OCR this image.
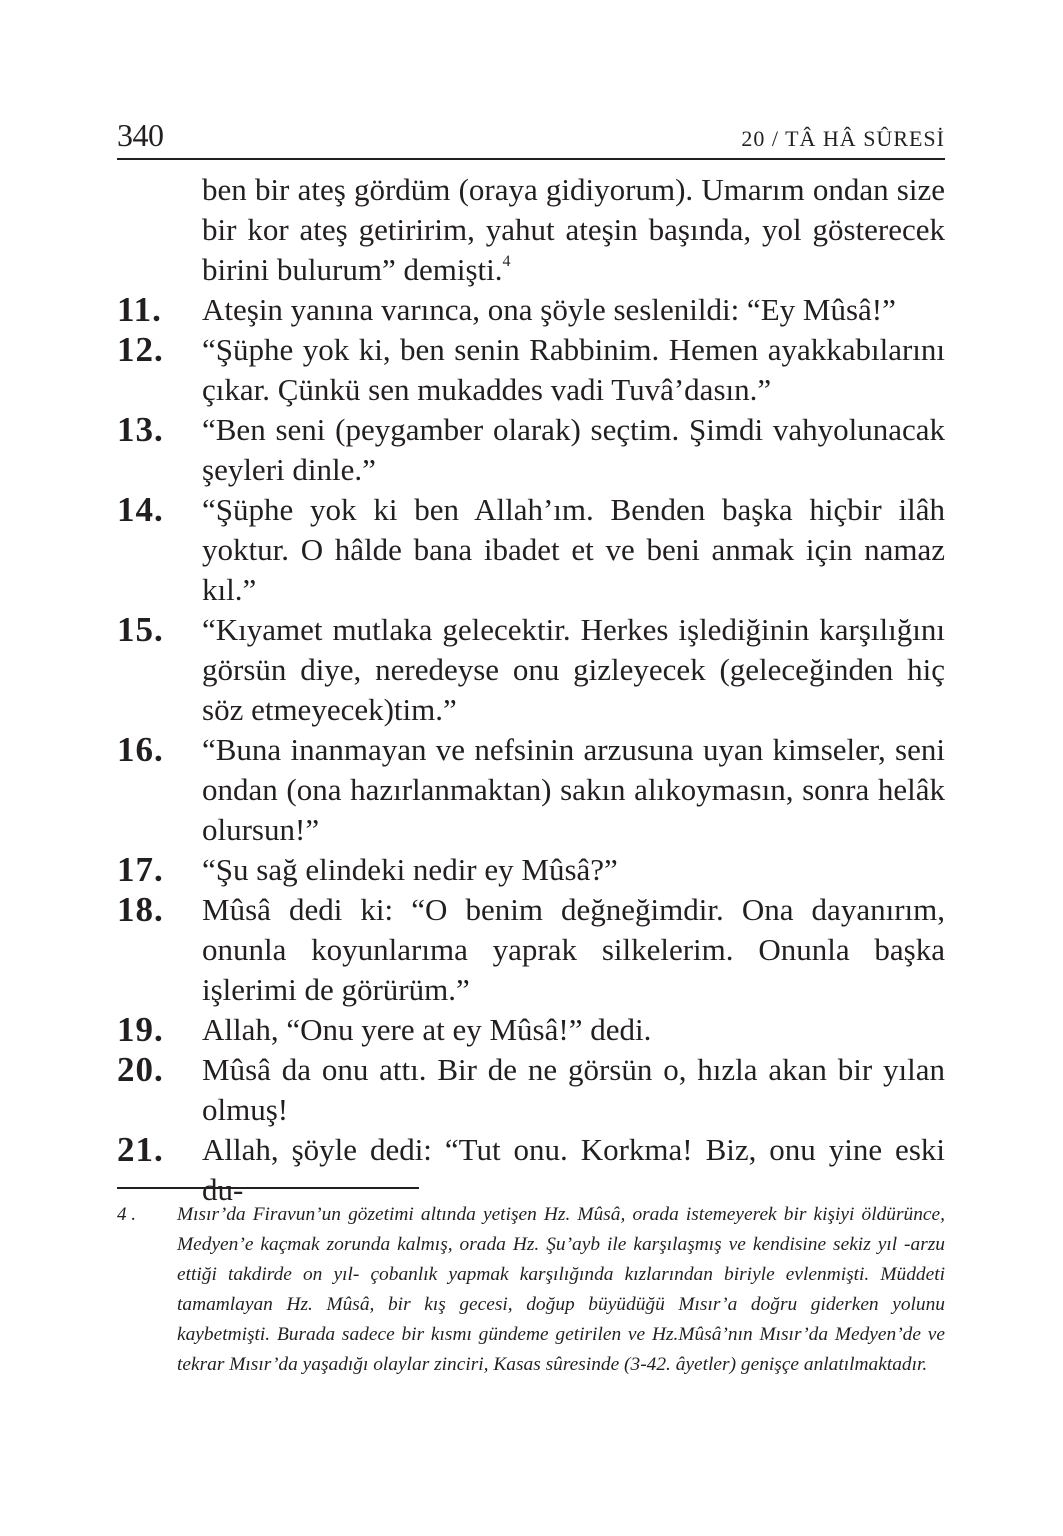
340	20 / TÂ HÂ SÛRESİ
ben bir ateş gördüm (oraya gidiyorum). Umarım ondan size bir kor ateş getiririm, yahut ateşin başında, yol gösterecek birini bulurum” demişti.$^4$
11.	Ateşin yanına varınca, ona şöyle seslenildi: “Ey Mûsâ!”
12.	“Şüphe yok ki, ben senin Rabbinim. Hemen ayakkabılarını çıkar. Çünkü sen mukaddes vadi Tuvâ’dasın.”
13.	“Ben seni (peygamber olarak) seçtim. Şimdi vahyolunacak şeyleri dinle.”
14.	“Şüphe yok ki ben Allah’ım. Benden başka hiçbir ilâh yoktur. O hâlde bana ibadet et ve beni anmak için namaz kıl.”
15.	“Kıyamet mutlaka gelecektir. Herkes işlediğinin karşılığını görsün diye, neredeyse onu gizleyecek (geleceğinden hiç söz etmeyecek)tim.”
16.	“Buna inanmayan ve nefsinin arzusuna uyan kimseler, seni ondan (ona hazırlanmaktan) sakın alıkoymasın, sonra helâk olursun!”
17.	“Şu sağ elindeki nedir ey Mûsâ?”
18.	Mûsâ dedi ki: “O benim değneğimdir. Ona dayanırım, onunla koyunlarıma yaprak silkelerim. Onunla başka işlerimi de görürüm.”
19.	Allah, “Onu yere at ey Mûsâ!” dedi.
20.	Mûsâ da onu attı. Bir de ne görsün o, hızla akan bir yılan olmuş!
21.	Allah, şöyle dedi: “Tut onu. Korkma! Biz, onu yine eski du-
4 .	Mısır’da Firavun’un gözetimi altında yetişen Hz. Mûsâ, orada istemeyerek bir kişiyi öldürünce, Medyen’e kaçmak zorunda kalmış, orada Hz. Şu’ayb ile karşılaşmış ve kendisine sekiz yıl -arzu ettiği takdirde on yıl- çobanlık yapmak karşılığında kızlarından biriyle evlenmişti. Müddeti tamamlayan Hz. Mûsâ, bir kış gecesi, doğup büyüdüğü Mısır’a doğru giderken yolunu kaybetmişti. Burada sadece bir kısmı gündeme getirilen ve Hz.Mûsâ’nın Mısır’da Medyen’de ve tekrar Mısır’da yaşadığı olaylar zinciri, Kasas sûresinde (3-42. âyetler) genişçe anlatılmaktadır.
